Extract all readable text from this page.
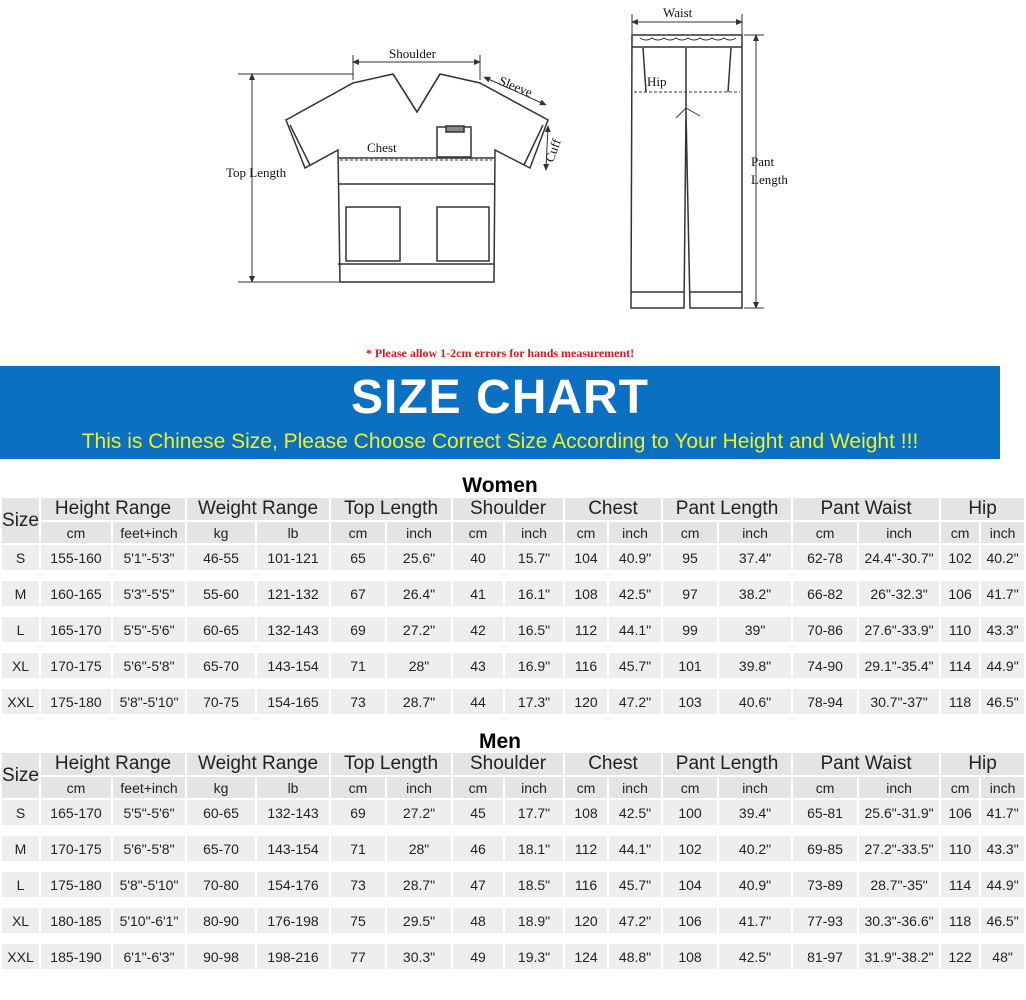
Shoulder
Sleeve
Chest	Cuff
Top Length
Waist
Hip
Pant Length
* Please allow 1-2cm errors for hands measurement!
SIZE CHART
This is Chinese Size, Please Choose Correct Size According to Your Height and Weight !!!
Women
Size	Height Range		Weight Range		Top Length		Shoulder		Chest		Pant Length		Pant Waist		Hip	
	cm	feet+inch	kg	lb	cm	inch	cm	inch	cm	inch	cm	inch	cm	inch	cm	inch
S	155-160	5'1"-5'3"	46-55	101-121	65	25.6"	40	15.7"	104	40.9"	95	37.4"	62-78	24.4"-30.7"	102	40.2"

M	160-165	5'3"-5'5"	55-60	121-132	67	26.4"	41	16.1"	108	42.5"	97	38.2"	66-82	26"-32.3"	106	41.7"

L	165-170	5'5"-5'6"	60-65	132-143	69	27.2"	42	16.5"	112	44.1"	99	39"	70-86	27.6"-33.9"	110	43.3"

XL	170-175	5'6"-5'8"	65-70	143-154	71	28"	43	16.9"	116	45.7"	101	39.8"	74-90	29.1"-35.4"	114	44.9"

XXL	175-180	5'8"-5'10"	70-75	154-165	73	28.7"	44	17.3"	120	47.2"	103	40.6"	78-94	30.7"-37"	118	46.5"
Men
Size	Height Range		Weight Range		Top Length		Shoulder		Chest		Pant Length		Pant Waist		Hip	
	cm	feet+inch	kg	lb	cm	inch	cm	inch	cm	inch	cm	inch	cm	inch	cm	inch
S	165-170	5'5"-5'6"	60-65	132-143	69	27.2"	45	17.7"	108	42.5"	100	39.4"	65-81	25.6"-31.9"	106	41.7"

M	170-175	5'6"-5'8"	65-70	143-154	71	28"	46	18.1"	112	44.1"	102	40.2"	69-85	27.2"-33.5"	110	43.3"

L	175-180	5'8"-5'10"	70-80	154-176	73	28.7"	47	18.5"	116	45.7"	104	40.9"	73-89	28.7"-35"	114	44.9"

XL	180-185	5'10"-6'1"	80-90	176-198	75	29.5"	48	18.9"	120	47.2"	106	41.7"	77-93	30.3"-36.6"	118	46.5"

XXL	185-190	6'1"-6'3"	90-98	198-216	77	30.3"	49	19.3"	124	48.8"	108	42.5"	81-97	31.9"-38.2"	122	48"
